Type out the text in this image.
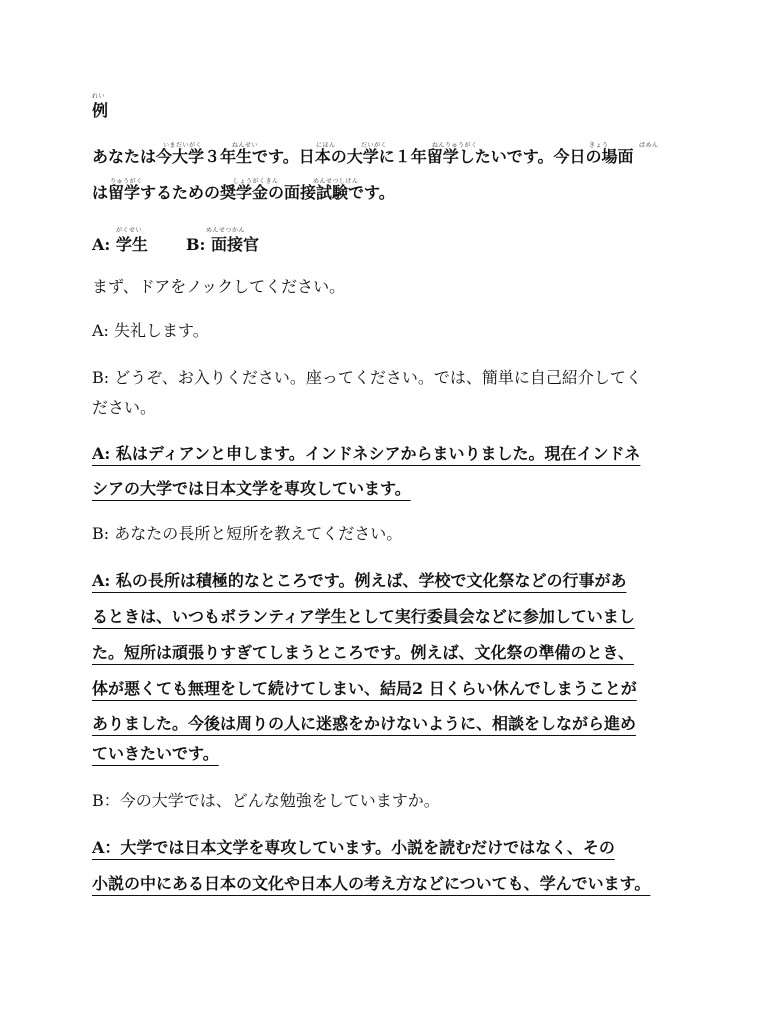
れい
例
いまだいがく	ねんせい	にほん	だいがく	ねんりゅうがく	きょう	ばめん
あなたは今大学３年生です。日本の大学に１年留学したいです。今日の場面
りゅうがく	しょうがくきん	めんせつしけん
は留学するための奨学金の面接試験です。
がくせい	めんせつかん
A: 学生 B: 面接官
まず、ドアをノックしてください。
A: 失礼します。
B: どうぞ、お入りください。座ってください。では、簡単に自己紹介してく
ださい。
A: 私はディアンと申します。インドネシアからまいりました。現在インドネ
シアの大学では日本文学を専攻しています。
B: あなたの長所と短所を教えてください。
A: 私の長所は積極的なところです。例えば、学校で文化祭などの行事があ
るときは、いつもボランティア学生として実行委員会などに参加していまし
た。短所は頑張りすぎてしまうところです。例えば、文化祭の準備のとき、
体が悪くても無理をして続けてしまい、結局2 日くらい休んでしまうことが
ありました。今後は周りの人に迷惑をかけないように、相談をしながら進め
ていきたいです。
B：今の大学では、どんな勉強をしていますか。
A：大学では日本文学を専攻しています。小説を読むだけではなく、その
小説の中にある日本の文化や日本人の考え方などについても、学んでいます。
